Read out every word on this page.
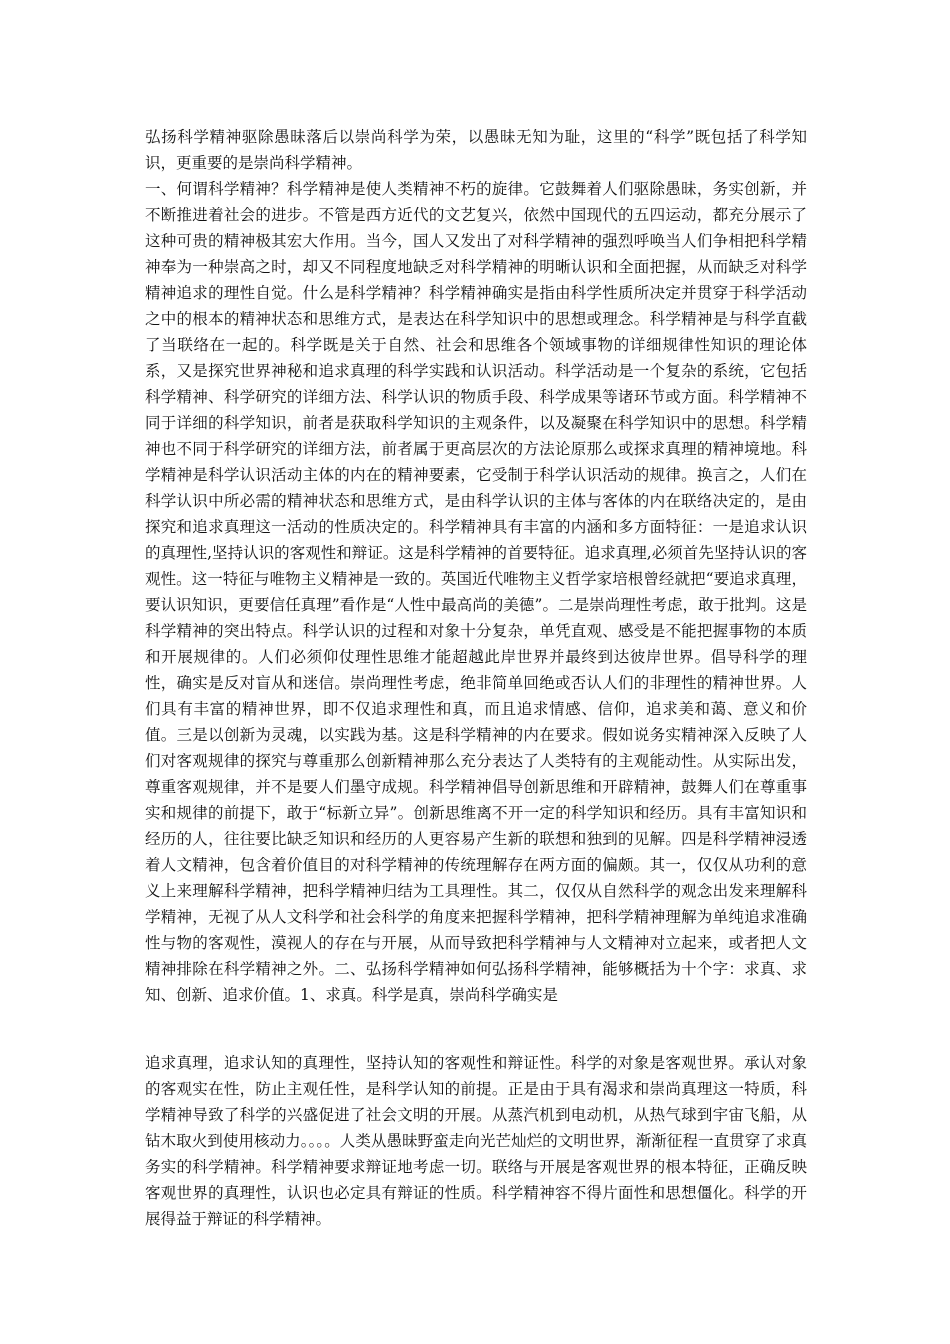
弘扬科学精神驱除愚昧落后以崇尚科学为荣，以愚昧无知为耻，这里的“科学”既包括了科学知识，更重要的是崇尚科学精神。

一、何谓科学精神？科学精神是使人类精神不朽的旋律。它鼓舞着人们驱除愚昧，务实创新，并不断推进着社会的进步。不管是西方近代的文艺复兴，依然中国现代的五四运动，都充分展示了这种可贵的精神极其宏大作用。当今，国人又发出了对科学精神的强烈呼唤当人们争相把科学精神奉为一种崇高之时，却又不同程度地缺乏对科学精神的明晰认识和全面把握，从而缺乏对科学精神追求的理性自觉。什么是科学精神？科学精神确实是指由科学性质所决定并贯穿于科学活动之中的根本的精神状态和思维方式，是表达在科学知识中的思想或理念。科学精神是与科学直截了当联络在一起的。科学既是关于自然、社会和思维各个领域事物的详细规律性知识的理论体系，又是探究世界神秘和追求真理的科学实践和认识活动。科学活动是一个复杂的系统，它包括科学精神、科学研究的详细方法、科学认识的物质手段、科学成果等诸环节或方面。科学精神不同于详细的科学知识，前者是获取科学知识的主观条件，以及凝聚在科学知识中的思想。科学精神也不同于科学研究的详细方法，前者属于更高层次的方法论原那么或探求真理的精神境地。科学精神是科学认识活动主体的内在的精神要素，它受制于科学认识活动的规律。换言之，人们在科学认识中所必需的精神状态和思维方式，是由科学认识的主体与客体的内在联络决定的，是由探究和追求真理这一活动的性质决定的。科学精神具有丰富的内涵和多方面特征：一是追求认识的真理性,坚持认识的客观性和辩证。这是科学精神的首要特征。追求真理,必须首先坚持认识的客观性。这一特征与唯物主义精神是一致的。英国近代唯物主义哲学家培根曾经就把“要追求真理，要认识知识，更要信任真理”看作是“人性中最高尚的美德”。二是崇尚理性考虑，敢于批判。这是科学精神的突出特点。科学认识的过程和对象十分复杂，单凭直观、感受是不能把握事物的本质和开展规律的。人们必须仰仗理性思维才能超越此岸世界并最终到达彼岸世界。倡导科学的理性，确实是反对盲从和迷信。崇尚理性考虑，绝非简单回绝或否认人们的非理性的精神世界。人们具有丰富的精神世界，即不仅追求理性和真，而且追求情感、信仰，追求美和蔼、意义和价值。三是以创新为灵魂，以实践为基。这是科学精神的内在要求。假如说务实精神深入反映了人们对客观规律的探究与尊重那么创新精神那么充分表达了人类特有的主观能动性。从实际出发，尊重客观规律，并不是要人们墨守成规。科学精神倡导创新思维和开辟精神，鼓舞人们在尊重事实和规律的前提下，敢于“标新立异”。创新思维离不开一定的科学知识和经历。具有丰富知识和经历的人，往往要比缺乏知识和经历的人更容易产生新的联想和独到的见解。四是科学精神浸透着人文精神，包含着价值目的对科学精神的传统理解存在两方面的偏颇。其一，仅仅从功利的意义上来理解科学精神，把科学精神归结为工具理性。其二，仅仅从自然科学的观念出发来理解科学精神，无视了从人文科学和社会科学的角度来把握科学精神，把科学精神理解为单纯追求准确性与物的客观性，漠视人的存在与开展，从而导致把科学精神与人文精神对立起来，或者把人文精神排除在科学精神之外。二、弘扬科学精神如何弘扬科学精神，能够概括为十个字：求真、求知、创新、追求价值。1、求真。科学是真，崇尚科学确实是

追求真理，追求认知的真理性，坚持认知的客观性和辩证性。科学的对象是客观世界。承认对象的客观实在性，防止主观任性，是科学认知的前提。正是由于具有渴求和崇尚真理这一特质，科学精神导致了科学的兴盛促进了社会文明的开展。从蒸汽机到电动机，从热气球到宇宙飞船，从钻木取火到使用核动力。。。。人类从愚昧野蛮走向光芒灿烂的文明世界，渐渐征程一直贯穿了求真务实的科学精神。科学精神要求辩证地考虑一切。联络与开展是客观世界的根本特征，正确反映客观世界的真理性，认识也必定具有辩证的性质。科学精神容不得片面性和思想僵化。科学的开展得益于辩证的科学精神。
